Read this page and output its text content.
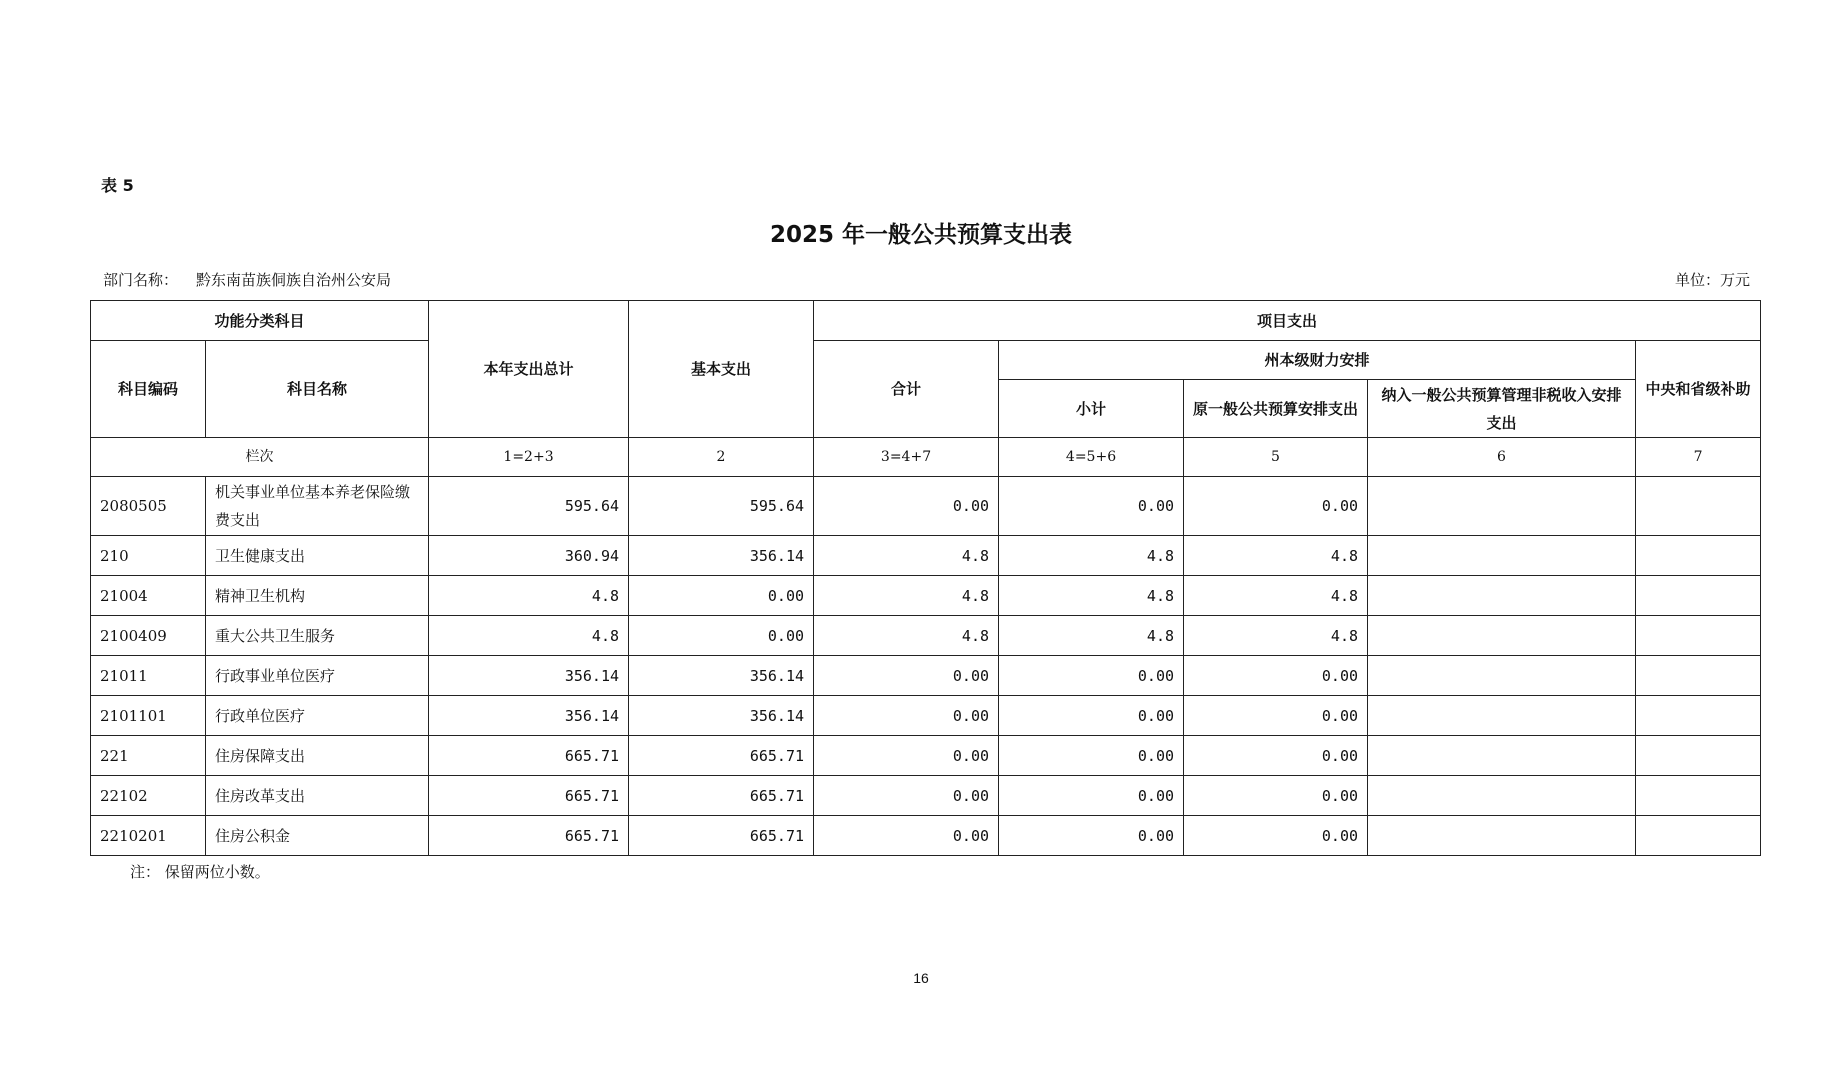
表 5
2025 年一般公共预算支出表
部门名称： 黔东南苗族侗族自治州公安局	单位：万元
功能分类科目		本年支出总计	基本支出	项目支出				
科目编码	科目名称			合计	州本级财力安排			中央和省级补助
					小计	原一般公共预算安排支出	纳入一般公共预算管理非税收入安排支出	
栏次		1=2+3	2	3=4+7	4=5+6	5	6	7
2080505	机关事业单位基本养老保险缴费支出	595.64	595.64	0.00	0.00	0.00		
210	卫生健康支出	360.94	356.14	4.8	4.8	4.8		
21004	精神卫生机构	4.8	0.00	4.8	4.8	4.8		
2100409	重大公共卫生服务	4.8	0.00	4.8	4.8	4.8		
21011	行政事业单位医疗	356.14	356.14	0.00	0.00	0.00		
2101101	行政单位医疗	356.14	356.14	0.00	0.00	0.00		
221	住房保障支出	665.71	665.71	0.00	0.00	0.00		
22102	住房改革支出	665.71	665.71	0.00	0.00	0.00		
2210201	住房公积金	665.71	665.71	0.00	0.00	0.00		
注： 保留两位小数。
16
